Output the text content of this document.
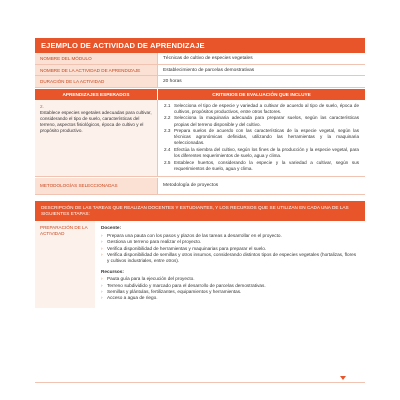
EJEMPLO DE ACTIVIDAD DE APRENDIZAJE
NOMBRE DEL MÓDULO	Técnicas de cultivo de especies vegetales
NOMBRE DE LA ACTIVIDAD DE APRENDIZAJE	Establecimiento de parcelas demostrativas
DURACIÓN DE LA ACTIVIDAD	20 horas
APRENDIZAJES ESPERADOS	CRITERIOS DE EVALUACIÓN QUE INCLUYE
2.
Establece especies vegetales adecuadas para cultivar, considerando el tipo de suelo, características del terreno, aspectos fisiológicos, época de cultivo y el propósito productivo.
2.1 Selecciona el tipo de especie y variedad a cultivar de acuerdo al tipo de suelo, época de cultivos, propósitos productivos, entre otros factores.
2.2 Selecciona la maquinaria adecuada para preparar suelos, según las características propias del terreno disponible y del cultivo.
2.3 Prepara suelos de acuerdo con las características de la especie vegetal, según las técnicas agronómicas definidas, utilizando las herramientas y la maquinaria seleccionadas.
2.4 Efectúa la siembra del cultivo, según los fines de la producción y la especie vegetal, para los diferentes requerimientos de suelo, agua y clima.
2.5 Establece huertos, considerando la especie y la variedad a cultivar, según sus requerimientos de suelo, agua y clima.
METODOLOGÍAS SELECCIONADAS	Metodología de proyectos
DESCRIPCIÓN DE LAS TAREAS QUE REALIZAN DOCENTES Y ESTUDIANTES, Y LOS RECURSOS QUE SE UTILIZAN EN CADA UNA DE LAS SIGUIENTES ETAPAS:
PREPARACIÓN DE LA ACTIVIDAD
Docente:
› Prepara una pauta con los pasos y plazos de las tareas a desarrollar en el proyecto.
› Gestiona un terreno para realizar el proyecto.
› Verifica disponibilidad de herramientas y maquinarias para preparar el suelo.
› Verifica disponibilidad de semillas y otros insumos, considerando distintos tipos de especies vegetales (hortalizas, flores y cultivos industriales, entre otros).
Recursos:
› Pauta guía para la ejecución del proyecto.
› Terreno subdividido y marcado para el desarrollo de parcelas demostrativas.
› Semillas y plántulas, fertilizantes, equipamientos y herramientas.
› Acceso a agua de riego.
